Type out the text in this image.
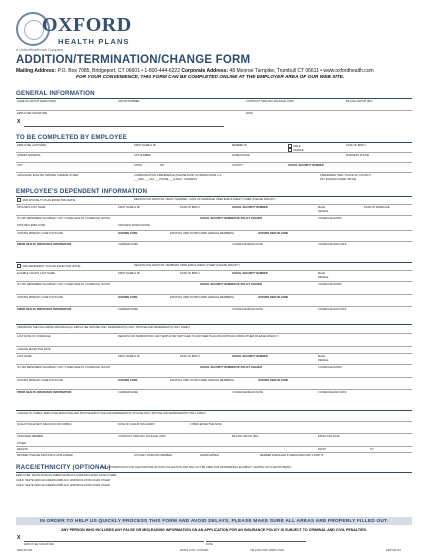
OXFORD
HEALTH PLANS
A UnitedHealthcare Company
ADDITION/TERMINATION/CHANGE FORM
Mailing Address: P.O. Box 7085, Bridgeport, CT 06601 • 1-800-444-6222 Corporate Address: 48 Monroe Turnpike, Trumbull CT 06611 • www.oxfordhealth.com
FOR YOUR CONVENIENCE, THIS FORM CAN BE COMPLETED ONLINE AT THE EMPLOYER AREA OF OUR WEB SITE.
GENERAL INFORMATION
NAME OF GROUP (EMPLOYER)	GROUP NUMBER	CONTRACT SPECIFIC PACKAGE (CSP)	BILLING GROUP (BG)
EMPLOYER SIGNATURE	DATE
X
TO BE COMPLETED BY EMPLOYEE
EMPLOYEE LASTNAME	FIRST NAME & MI	MEMBER ID	MALE
FEMALE
DATE OF BIRTH
STREET ADDRESS	APT NUMBER	HOME PHONE	BUSINESS PHONE
CITY	STATE	ZIP	COUNTY	SOCIAL SECURITY NUMBER
LANGUAGE: ENGLISH SPANISH CHINESE OTHER	COMMUNICATION PREFERENCE (PLEASE RANK IN ORDER FROM 1-4)
___MAIL ___FAX ___PHONE ___E-MAIL - ADDRESS
PREFERRED TIME / PLACE OF CONTACT
DAY EVENING HOME OFFICE
EMPLOYEE'S DEPENDENT INFORMATION
ADD SPOUSE TO PLAN EFFECTIVE (DATE)	REASON FOR ADDITION: NEWLY MARRIED - DATE OF MARRIAGE OPEN ENROLLMENT OTHER (PLEASE SPECIFY)
SPOUSE'S LAST NAME	FIRST NAME & MI	DATE OF BIRTH	SOCIAL SECURITY NUMBER	MALE
FEMALE
DATE OF MARRIAGE
IS THIS DEPENDENT ELIGIBLE? / ANY OTHER HEALTH COVERAGE YES NO	SOCIAL SECURITY NUMBER OF POLICY HOLDER	COVERAGE DATES
SPOUSE'S EMPLOYER	SPOUSE'S WORK PHONE
OXFORD PRIMARY CARE PHYSICIAN	OXFORD CODE	EXISTING OB/GYN PROVIDER (FEMALE MEMBERS)	OXFORD OB/GYN CODE
PRIOR HEALTH INSURANCE INFORMATION	CARRIER NAME	COVERAGE BEGIN DATE	COVERAGE END DATE
ADD DEPENDENT TO PLAN EFFECTIVE (DATE)	REASON FOR ADDITION: NEWBORN OPEN ENROLLMENT OTHER (PLEASE SPECIFY)
ELIGIBLE CHILD'S LAST NAME	FIRST NAME & MI	DATE OF BIRTH	SOCIAL SECURITY NUMBER	MALE
FEMALE
IS THIS DEPENDENT ELIGIBLE? / ANY OTHER HEALTH COVERAGE YES NO	SOCIAL SECURITY NUMBER OF POLICY HOLDER	COVERAGE DATES
OXFORD PRIMARY CARE PHYSICIAN	OXFORD CODE	EXISTING OB/GYN PROVIDER (FEMALE MEMBERS)	OXFORD OB/GYN CODE
PRIOR HEALTH INSURANCE INFORMATION	CARRIER NAME	COVERAGE BEGIN DATE	COVERAGE END DATE
TERMINATE THE FOLLOWING INDIVIDUAL(S): EMPLOYEE SPOUSE ONLY DEPENDENT(S) ONLY SPOUSE AND DEPENDENT(S) ONLY FAMILY
LAST DATE OF COVERAGE	REASON FOR TERMINATION: LEFT EMPLOYER SWITCHED TO ANOTHER PLAN DISCONTINUE COBRA OTHER (PLEASE SPECIFY)
CHANGE EFFECTIVE DATE
LAST NAME	FIRST NAME & MI	DATE OF BIRTH	SOCIAL SECURITY NUMBER	MALE
FEMALE
IS THIS DEPENDENT ELIGIBLE? / ANY OTHER HEALTH COVERAGE YES NO	SOCIAL SECURITY NUMBER OF POLICY HOLDER	COVERAGE DATES
OXFORD PRIMARY CARE PHYSICIAN	OXFORD CODE	EXISTING OB/GYN PROVIDER (FEMALE MEMBERS)	OXFORD OB/GYN CODE
PRIOR HEALTH INSURANCE INFORMATION	CARRIER NAME	COVERAGE BEGIN DATE	COVERAGE END DATE
CHANGE TO COBRA: EMPLOYEE EMPLOYEE AND SPOUSE EMPLOYEE AND DEPENDENT(S) SPOUSE ONLY SPOUSE AND DEPENDENT(S) ONLY FAMILY
QUALIFYING EVENT (REASON FOR COBRA)	DATE OF QUALIFYING EVENT	COBRA EFFECTIVE DATE
TRANSFER MEMBER	CONTRACT SPECIFIC PACKAGE (CSP)	BILLING GROUP (BG)	EFFECTIVE DATE
OTHER
REASON	FROM	TO
RETIRED (PLEASE INDICATE IF APPLICABLE)	ACTIVELY WORKING MEMBER	HANDICAPPED	MEMBER ENROLLED IN MEDICARE PART A PART B
RACE/ETHNICITY (OPTIONAL)
(THE INFORMATION IS FOR THE PURPOSE OF DATA COLLECTION AND WILL NOT BE USED FOR DETERMINING ELIGIBILITY, RATING OR CLAIM PAYMENT.)
EMPLOYEE: WHITE AFRICAN AMERICAN/BLACK HISPANIC/LATINO ASIAN OTHER
CHILD: WHITE AFRICAN AMERICAN/BLACK HISPANIC/LATINO ASIAN OTHER
CHILD: WHITE AFRICAN AMERICAN/BLACK HISPANIC/LATINO ASIAN OTHER
IN ORDER TO HELP US QUICKLY PROCESS THIS FORM AND AVOID DELAYS, PLEASE MAKE SURE ALL AREAS ARE PROPERLY FILLED OUT.
ANY PERSON WHO INCLUDES ANY FALSE OR MISLEADING INFORMATION ON AN APPLICATION FOR AN INSURANCE POLICY IS SUBJECT TO CRIMINAL AND CIVIL PENALTIES.
X
EMPLOYEE SIGNATURE	DATE
NEW-06-008	WHITE COPY OXFORD	YELLOW COPY EMPLOYEE	EMP 002 R4
